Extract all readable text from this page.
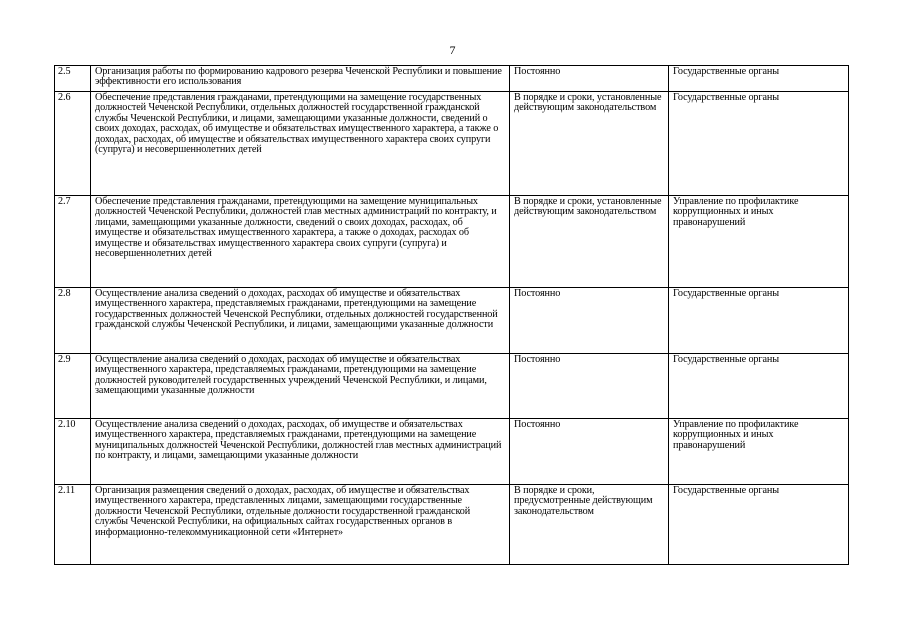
7
2.5	Организация работы по формированию кадрового резерва Чеченской Республики и повышение эффективности его использования	Постоянно	Государственные органы
2.6	Обеспечение представления гражданами, претендующими на замещение государственных должностей Чеченской Республики, отдельных должностей государственной гражданской службы Чеченской Республики, и лицами, замещающими указанные должности, сведений о своих доходах, расходах, об имуществе и обязательствах имущественного характера, а также о доходах, расходах, об имуществе и обязательствах имущественного характера своих супруги (супруга) и несовершеннолетних детей	В порядке и сроки, установленные действующим законодательством	Государственные органы
2.7	Обеспечение представления гражданами, претендующими на замещение муниципальных должностей Чеченской Республики, должностей глав местных администраций по контракту, и лицами, замещающими указанные должности, сведений о своих доходах, расходах, об имуществе и обязательствах имущественного характера, а также о доходах, расходах об имуществе и обязательствах имущественного характера своих супруги (супруга) и несовершеннолетних детей	В порядке и сроки, установленные действующим законодательством	Управление по профилактике коррупционных и иных правонарушений
2.8	Осуществление анализа сведений о доходах, расходах об имуществе и обязательствах имущественного характера, представляемых гражданами, претендующими на замещение государственных должностей Чеченской Республики, отдельных должностей государственной гражданской службы Чеченской Республики, и лицами, замещающими указанные должности	Постоянно	Государственные органы
2.9	Осуществление анализа сведений о доходах, расходах об имуществе и обязательствах имущественного характера, представляемых гражданами, претендующими на замещение должностей руководителей государственных учреждений Чеченской Республики, и лицами, замещающими указанные должности	Постоянно	Государственные органы
2.10	Осуществление анализа сведений о доходах, расходах, об имуществе и обязательствах имущественного характера, представляемых гражданами, претендующими на замещение муниципальных должностей Чеченской Республики, должностей глав местных администраций по контракту, и лицами, замещающими указанные должности	Постоянно	Управление по профилактике коррупционных и иных правонарушений
2.11	Организация размещения сведений о доходах, расходах, об имуществе и обязательствах имущественного характера, представленных лицами, замещающими государственные должности Чеченской Республики, отдельные должности государственной гражданской службы Чеченской Республики, на официальных сайтах государственных органов в информационно-телекоммуникационной сети «Интернет»	В порядке и сроки, предусмотренные действующим законодательством	Государственные органы
